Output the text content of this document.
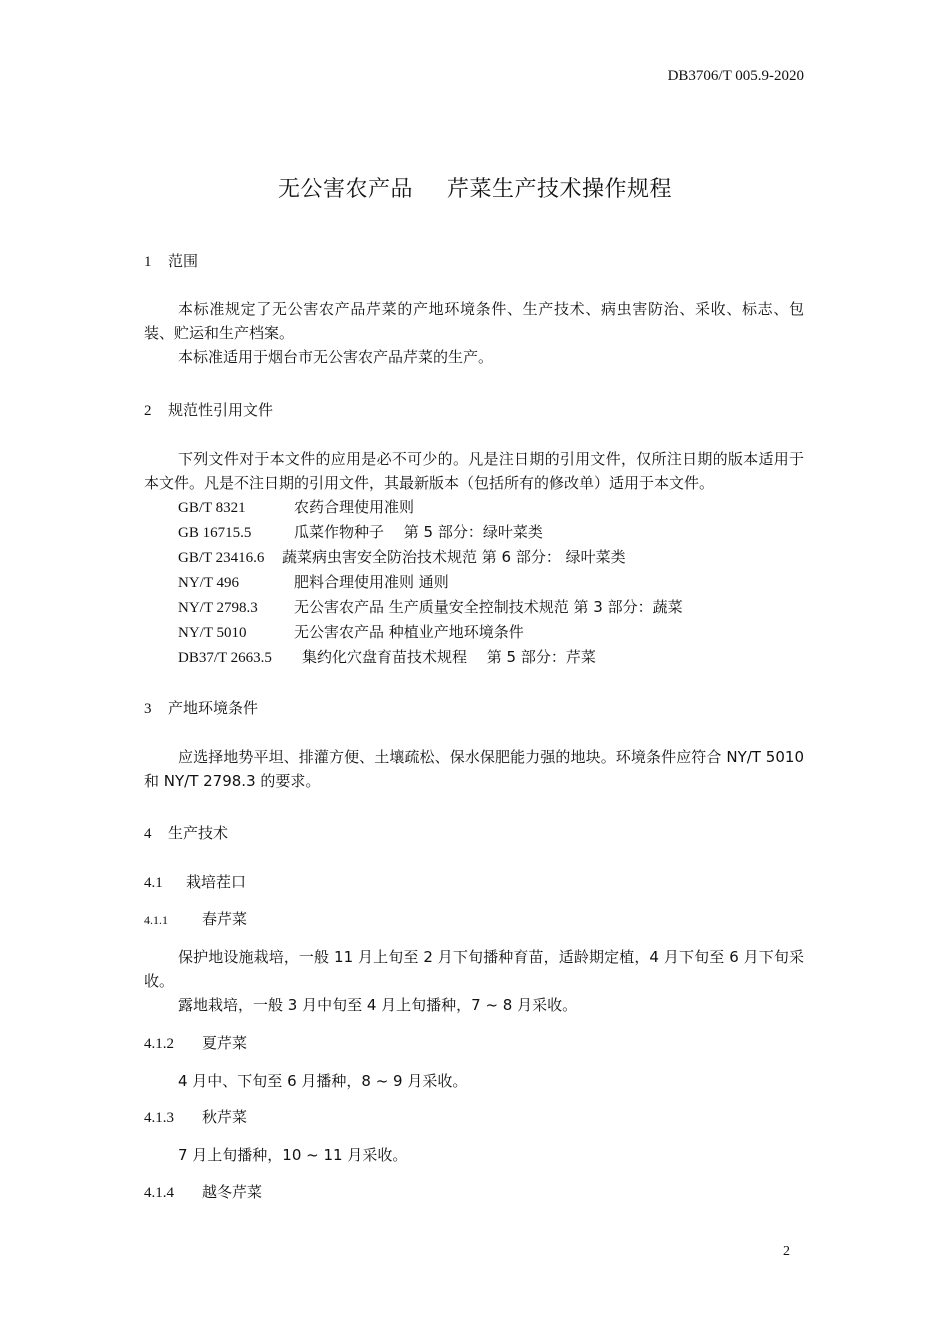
DB3706/T 005.9-2020
无公害农产品 芹菜生产技术操作规程
1 范围
本标准规定了无公害农产品芹菜的产地环境条件、生产技术、病虫害防治、采收、标志、包装、贮运和生产档案。
本标准适用于烟台市无公害农产品芹菜的生产。
2 规范性引用文件
下列文件对于本文件的应用是必不可少的。凡是注日期的引用文件，仅所注日期的版本适用于本文件。凡是不注日期的引用文件，其最新版本（包括所有的修改单）适用于本文件。
GB/T 8321	农药合理使用准则
GB 16715.5	瓜菜作物种子　 第 5 部分：绿叶菜类
GB/T 23416.6 蔬菜病虫害安全防治技术规范 第 6 部分： 绿叶菜类
NY/T 496	肥料合理使用准则 通则
NY/T 2798.3 无公害农产品 生产质量安全控制技术规范 第 3 部分：蔬菜
NY/T 5010	无公害农产品 种植业产地环境条件
DB37/T 2663.5 集约化穴盘育苗技术规程　 第 5 部分：芹菜
3 产地环境条件
应选择地势平坦、排灌方便、土壤疏松、保水保肥能力强的地块。环境条件应符合 NY/T 5010 和 NY/T 2798.3 的要求。
4 生产技术
4.1 栽培茬口
4.1.1 春芹菜
保护地设施栽培，一般 11 月上旬至 2 月下旬播种育苗，适龄期定植，4 月下旬至 6 月下旬采收。
露地栽培，一般 3 月中旬至 4 月上旬播种，7 ~ 8 月采收。
4.1.2 夏芹菜
4 月中、下旬至 6 月播种，8 ~ 9 月采收。
4.1.3 秋芹菜
7 月上旬播种，10 ~ 11 月采收。
4.1.4 越冬芹菜
2
